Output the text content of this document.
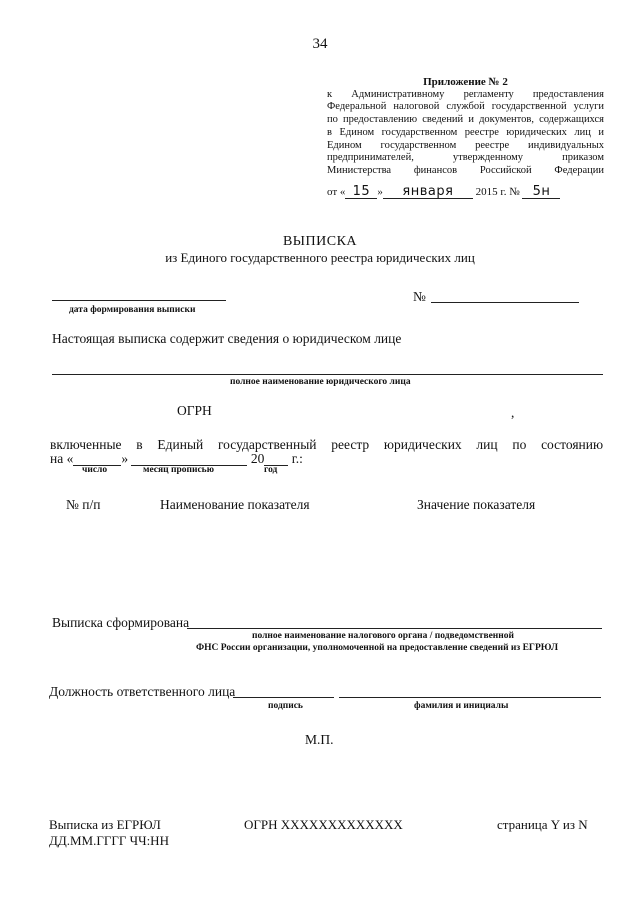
34
Приложение № 2
к Административному регламенту предоставления
Федеральной налоговой службой государственной услуги
по предоставлению сведений и документов, содержащихся
в Едином государственном реестре юридических лиц и
Едином государственном реестре индивидуальных
предпринимателей, утвержденному приказом
Министерства финансов Российской Федерации
от « 15 » января 2015 г. № 5н
ВЫПИСКА
из Единого государственного реестра юридических лиц
дата формирования выписки
№
Настоящая выписка содержит сведения о юридическом лице
полное наименование юридического лица
ОГРН	,
включенные в Единый государственный реестр юридических лиц по состоянию
на «	»	20 г.:
число	месяц прописью	год
№ п/п	Наименование показателя	Значение показателя
Выписка сформирована
полное наименование налогового органа / подведомственной
ФНС России организации, уполномоченной на предоставление сведений из ЕГРЮЛ
Должность ответственного лица
подпись	фамилия и инициалы
М.П.
Выписка из ЕГРЮЛ
ДД.ММ.ГГГГ ЧЧ:НН
ОГРН XXXXXXXXXXXXX	страница Y из N
